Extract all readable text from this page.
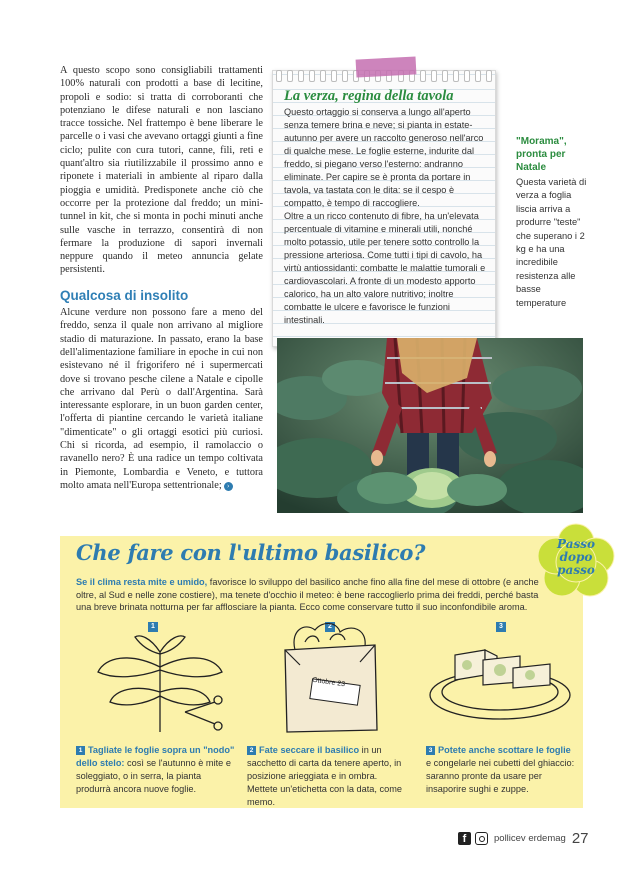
A questo scopo sono consigliabili trattamenti 100% naturali con prodotti a base di lecitine, propoli e sodio: si tratta di corroboranti che potenziano le difese naturali e non lasciano tracce tossiche. Nel frattempo è bene liberare le parcelle o i vasi che avevano ortaggi giunti a fine ciclo; pulite con cura tutori, canne, fili, reti e quant'altro sia riutilizzabile il prossimo anno e riponete i materiali in ambiente al riparo dalla pioggia e umidità. Predisponete anche ciò che occorre per la protezione dal freddo; un mini-tunnel in kit, che si monta in pochi minuti anche sulle vasche in terrazzo, consentirà di non fermare la produzione di sapori invernali neppure quando il meteo annuncia gelate persistenti.

Qualcosa di insolito

Alcune verdure non possono fare a meno del freddo, senza il quale non arrivano al migliore stadio di maturazione. In passato, erano la base dell'alimentazione familiare in epoche in cui non esistevano né il frigorifero né i supermercati dove si trovano pesche cilene a Natale e cipolle che arrivano dal Perù o dall'Argentina. Sarà interessante esplorare, in un buon garden center, l'offerta di piantine cercando le varietà italiane "dimenticate" o gli ortaggi esotici più curiosi. Chi si ricorda, ad esempio, il ramolaccio o ravanello nero? È una radice un tempo coltivata in Piemonte, Lombardia e Veneto, e tuttora molto amata nell'Europa settentrionale; ›

La verza, regina della tavola

Questo ortaggio si conserva a lungo all'aperto senza temere brina e neve; si pianta in estate-autunno per avere un raccolto generoso nell'arco di qualche mese. Le foglie esterne, indurite dal freddo, si piegano verso l'esterno: andranno eliminate. Per capire se è pronta da portare in tavola, va tastata con le dita: se il cespo è compatto, è tempo di raccogliere.

Oltre a un ricco contenuto di fibre, ha un'elevata percentuale di vitamine e minerali utili, nonché molto potassio, utile per tenere sotto controllo la pressione arteriosa. Come tutti i tipi di cavolo, ha virtù antiossidanti: combatte le malattie tumorali e cardiovascolari. A fronte di un modesto apporto calorico, ha un alto valore nutritivo; inoltre combatte le ulcere e favorisce le funzioni intestinali.

"Morama", pronta per Natale
Questa varietà di verza a foglia liscia arriva a produrre "teste" che superano i 2 kg e ha una incredibile resistenza alle basse temperature
Che fare con l'ultimo basilico?	Passo dopo passo
Se il clima resta mite e umido, favorisce lo sviluppo del basilico anche fino alla fine del mese di ottobre (e anche oltre, al Sud e nelle zone costiere), ma tenete d'occhio il meteo: è bene raccoglierlo prima dei freddi, perché basta una breve brinata notturna per far afflosciare la pianta. Ecco come conservare tutto il suo inconfondibile aroma.
1	2
Ottobre 23
3
1 Tagliate le foglie sopra un "nodo" dello stelo: così se l'autunno è mite e soleggiato, o in serra, la pianta produrrà ancora nuove foglie.
2 Fate seccare il basilico in un sacchetto di carta da tenere aperto, in posizione arieggiata e in ombra. Mettete un'etichetta con la data, come memo.
3 Potete anche scottare le foglie e congelarle nei cubetti del ghiaccio: saranno pronte da usare per insaporire sughi e zuppe.
f	pollicev erdemag 27
